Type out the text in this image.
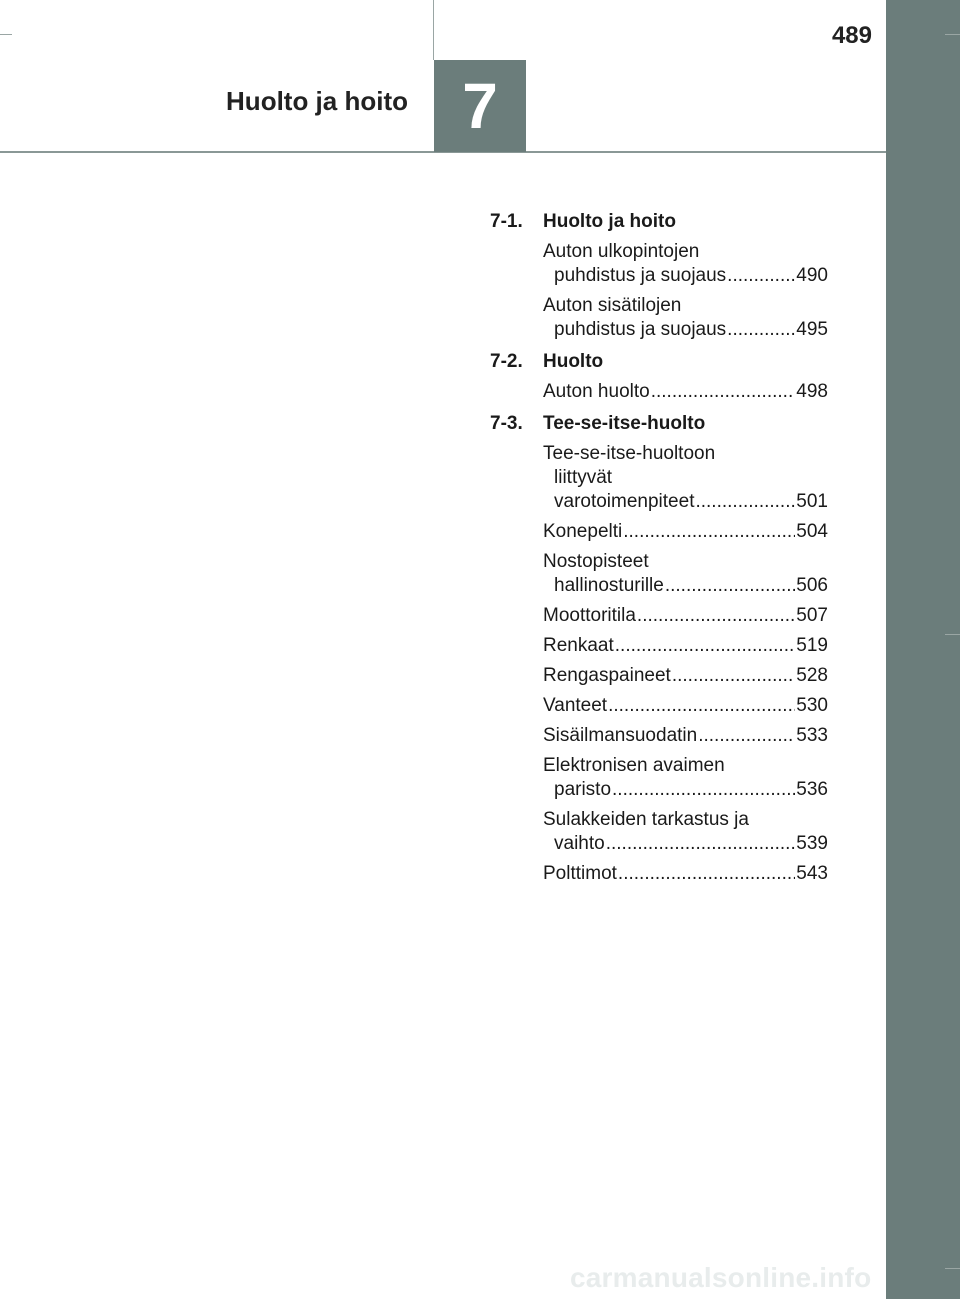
489
Huolto ja hoito 7
7-1.	Huolto ja hoito
Auton ulkopintojen
puhdistus ja suojaus .....	490
Auton sisätilojen
puhdistus ja suojaus .....	495
7-2.	Huolto
Auton huolto .....	498
7-3.	Tee-se-itse-huolto
Tee-se-itse-huoltoon
liittyvät
varotoimenpiteet .....	501
Konepelti .....	504
Nostopisteet
hallinosturille .....	506
Moottoritila .....	507
Renkaat .....	519
Rengaspaineet .....	528
Vanteet .....	530
Sisäilmansuodatin .....	533
Elektronisen avaimen
paristo .....	536
Sulakkeiden tarkastus ja
vaihto .....	539
Polttimot .....	543
carmanualsonline.info
